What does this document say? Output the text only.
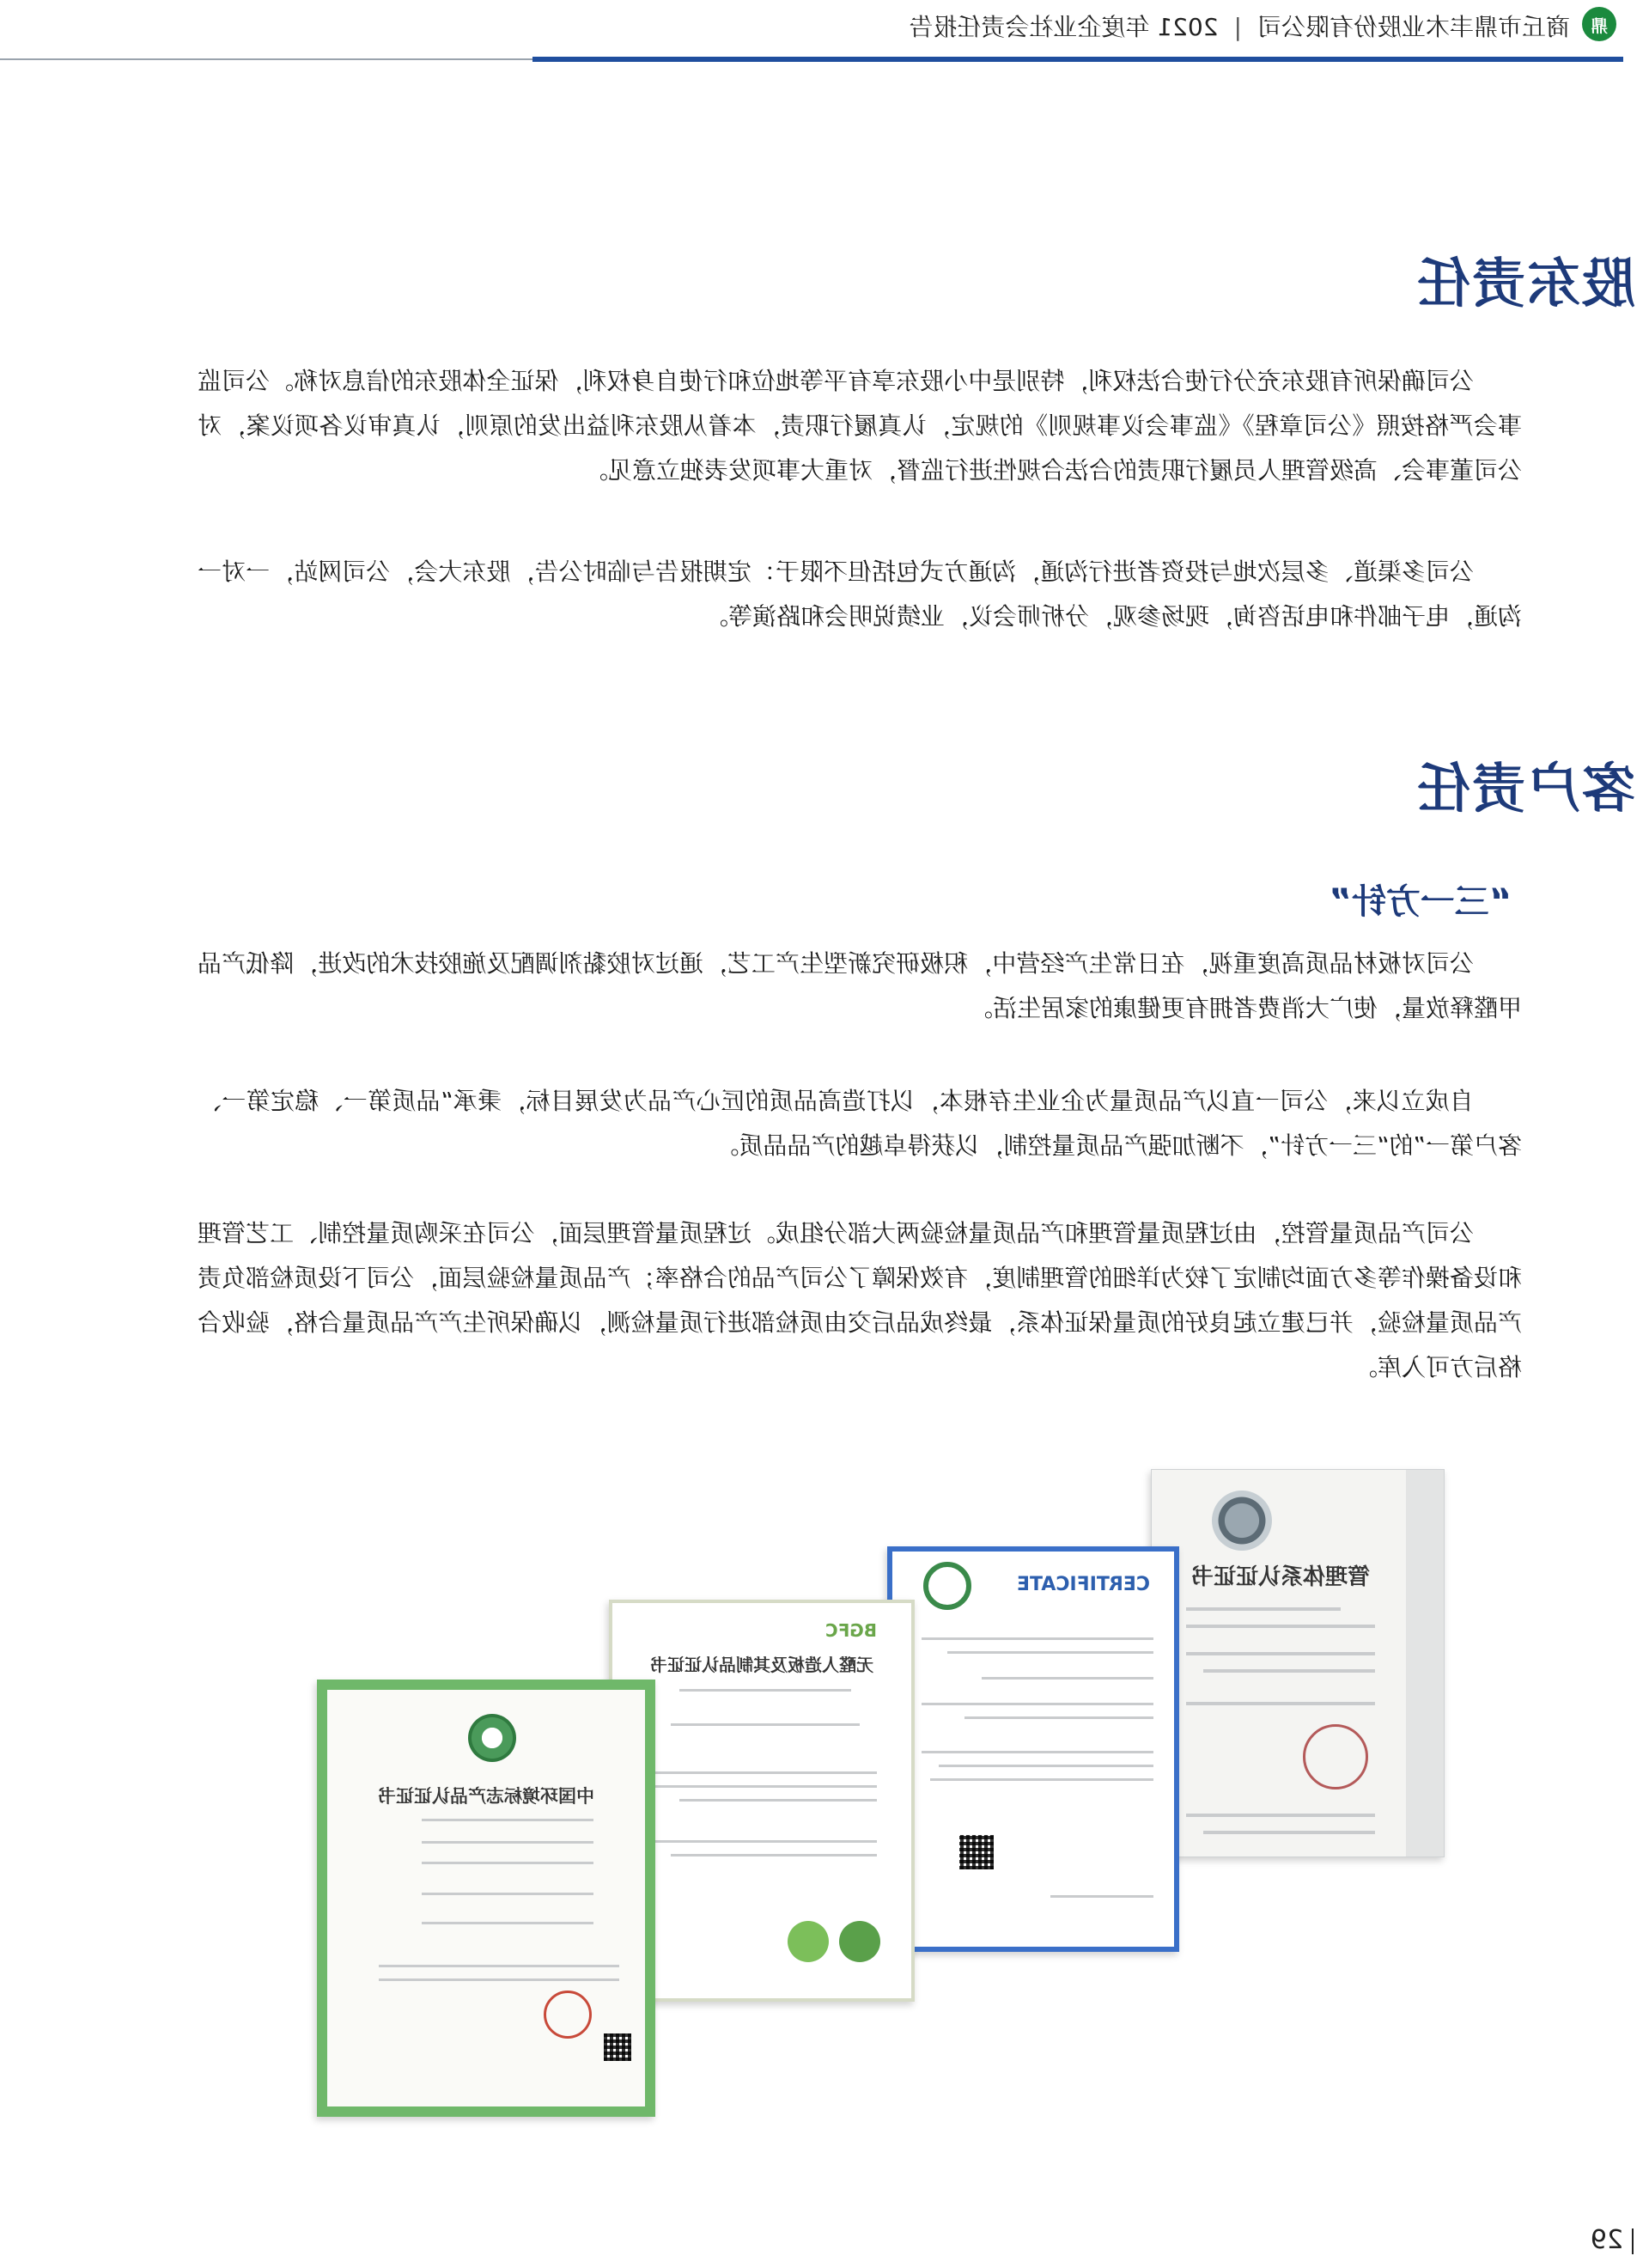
鼎
商丘市鼎丰木业股份有限公司|2021 年度企业社会责任报告
股东责任

公司确保所有股东充分行使合法权利，特别是中小股东享有平等地位和行使自身权利，保证全体股东的信息对称。公司监事会严格按照《公司章程》《监事会议事规则》的规定，认真履行职责，本着从股东利益出发的原则，认真审议各项议案，对公司董事会、高级管理人员履行职责的合法合规性进行监督，对重大事项发表独立意见。

公司多渠道、多层次地与投资者进行沟通，沟通方式包括但不限于：定期报告与临时公告，股东大会，公司网站，一对一沟通，电子邮件和电话咨询，现场参观，分析师会议，业绩说明会和路演等。

客户责任
“三一方针”

公司对板材品质高度重视，在日常生产经营中，积极研究新型生产工艺，通过对胶黏剂调配及施胶技术的改进，降低产品甲醛释放量，使广大消费者拥有更健康的家居生活。

自成立以来，公司一直以产品质量为企业生存根本，以打造高品质的匠心产品为发展目标，秉承“品质第一、稳定第一、客户第一”的“三一方针”，不断加强产品质量控制，以获得卓越的产品品质。

公司产品质量管控，由过程质量管理和产品质量检验两大部分组成。过程质量管理层面，公司在采购质量控制、工艺管理和设备操作等多方面均制定了较为详细的管理制度，有效保障了公司产品的合格率；产品质量检验层面，公司下设质检部负责产品质量检验，并已建立起良好的质量保证体系，最终成品后交由质检部进行质量检测，以确保所生产产品质量合格，验收合格后方可入库。

管理体系认证证书
CERTIFICATE
BGFC
无醛人造板及其制品认证证书
中国环境标志产品认证证书
29
